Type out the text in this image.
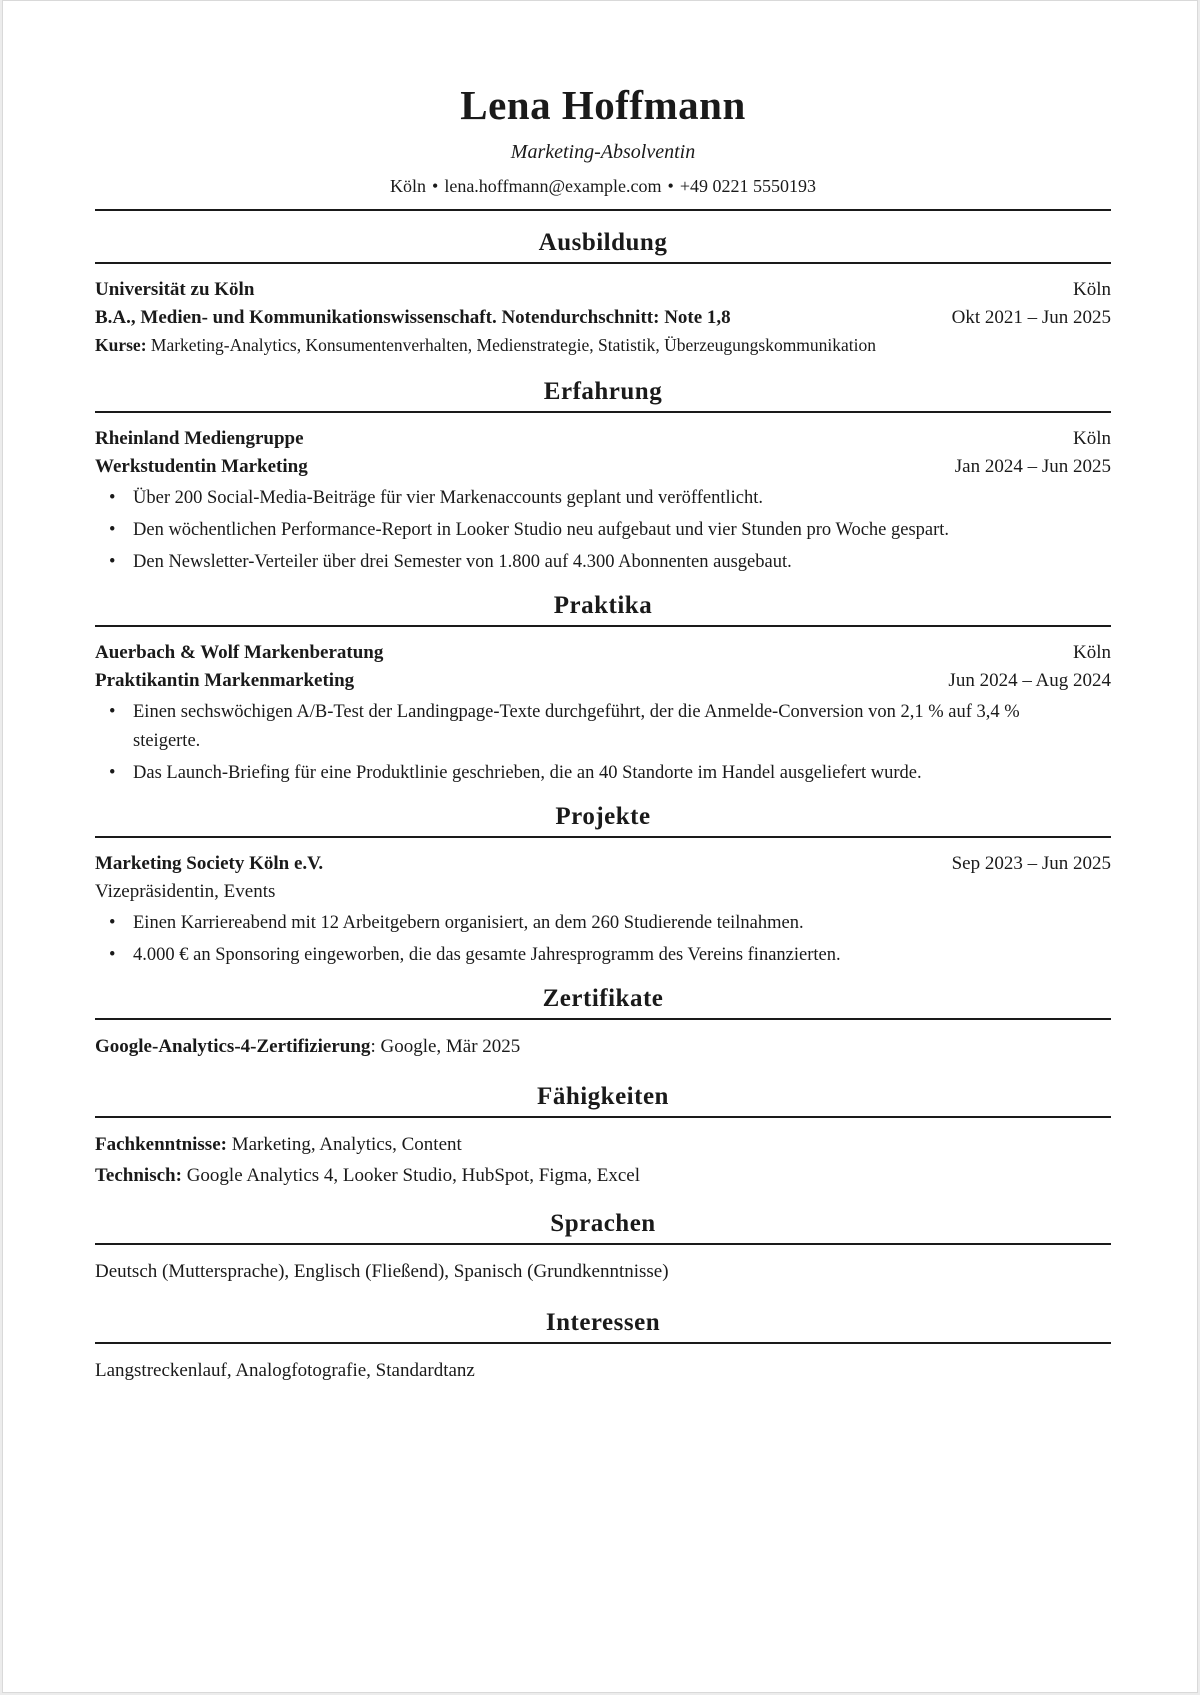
Lena Hoffmann
Marketing-Absolventin
Köln • lena.hoffmann@example.com • +49 0221 5550193
Ausbildung
Universität zu Köln	Köln
B.A., Medien- und Kommunikationswissenschaft. Notendurchschnitt: Note 1,8	Okt 2021 – Jun 2025
Kurse: Marketing-Analytics, Konsumentenverhalten, Medienstrategie, Statistik, Überzeugungskommunikation
Erfahrung
Rheinland Mediengruppe	Köln
Werkstudentin Marketing	Jan 2024 – Jun 2025
• Über 200 Social-Media-Beiträge für vier Markenaccounts geplant und veröffentlicht.
• Den wöchentlichen Performance-Report in Looker Studio neu aufgebaut und vier Stunden pro Woche gespart.
• Den Newsletter-Verteiler über drei Semester von 1.800 auf 4.300 Abonnenten ausgebaut.
Praktika
Auerbach & Wolf Markenberatung	Köln
Praktikantin Markenmarketing	Jun 2024 – Aug 2024
• Einen sechswöchigen A/B-Test der Landingpage-Texte durchgeführt, der die Anmelde-Conversion von 2,1 % auf 3,4 % steigerte.
• Das Launch-Briefing für eine Produktlinie geschrieben, die an 40 Standorte im Handel ausgeliefert wurde.
Projekte
Marketing Society Köln e.V.	Sep 2023 – Jun 2025
Vizepräsidentin, Events
• Einen Karriereabend mit 12 Arbeitgebern organisiert, an dem 260 Studierende teilnahmen.
• 4.000 € an Sponsoring eingeworben, die das gesamte Jahresprogramm des Vereins finanzierten.
Zertifikate
Google-Analytics-4-Zertifizierung: Google, Mär 2025
Fähigkeiten
Fachkenntnisse: Marketing, Analytics, Content
Technisch: Google Analytics 4, Looker Studio, HubSpot, Figma, Excel
Sprachen
Deutsch (Muttersprache), Englisch (Fließend), Spanisch (Grundkenntnisse)
Interessen
Langstreckenlauf, Analogfotografie, Standardtanz
